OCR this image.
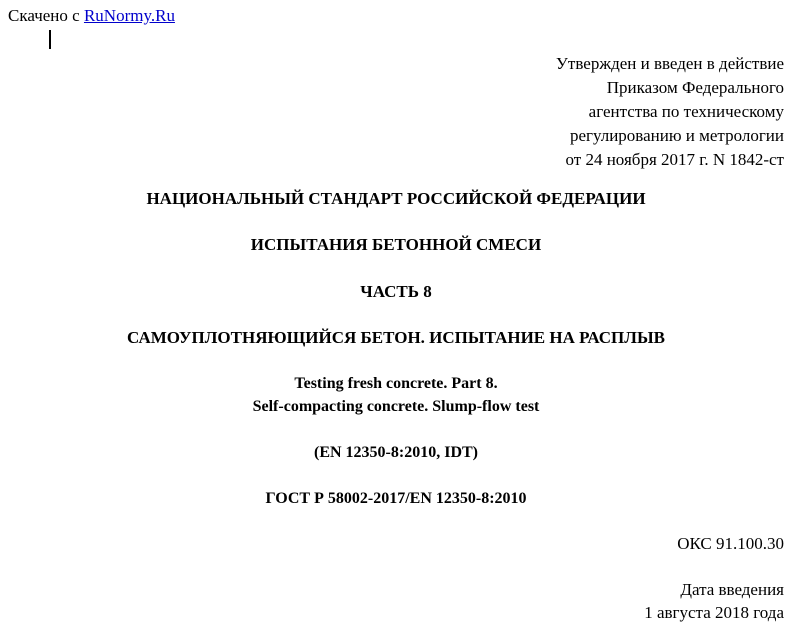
Скачено с RuNormy.Ru
Утвержден и введен в действие
Приказом Федерального
агентства по техническому
регулированию и метрологии
от 24 ноября 2017 г. N 1842-ст
НАЦИОНАЛЬНЫЙ СТАНДАРТ РОССИЙСКОЙ ФЕДЕРАЦИИ
ИСПЫТАНИЯ БЕТОННОЙ СМЕСИ
ЧАСТЬ 8
САМОУПЛОТНЯЮЩИЙСЯ БЕТОН. ИСПЫТАНИЕ НА РАСПЛЫВ
Testing fresh concrete. Part 8.
Self-compacting concrete. Slump-flow test
(EN 12350-8:2010, IDT)
ГОСТ Р 58002-2017/EN 12350-8:2010
ОКС 91.100.30
Дата введения
1 августа 2018 года
